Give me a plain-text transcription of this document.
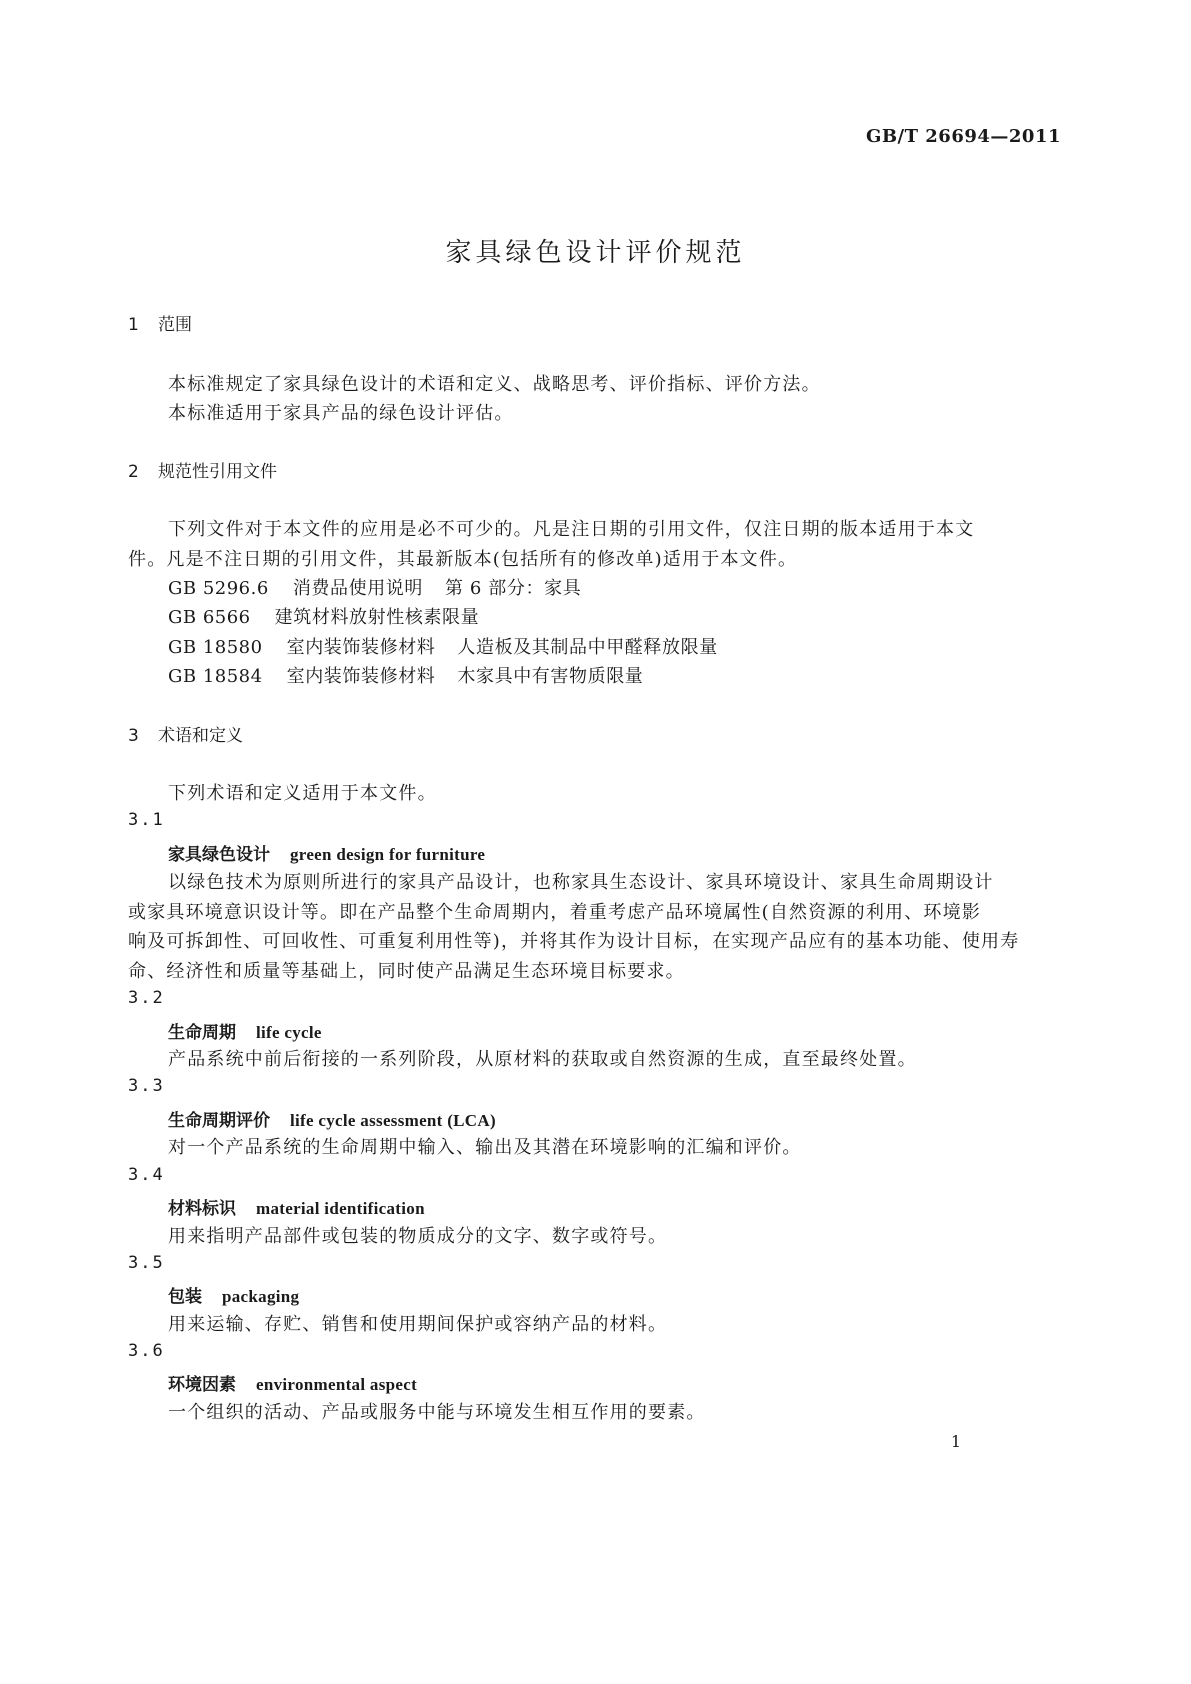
GB/T 26694—2011
家具绿色设计评价规范
1 范围
本标准规定了家具绿色设计的术语和定义、战略思考、评价指标、评价方法。
本标准适用于家具产品的绿色设计评估。
2 规范性引用文件
下列文件对于本文件的应用是必不可少的。凡是注日期的引用文件，仅注日期的版本适用于本文
件。凡是不注日期的引用文件，其最新版本(包括所有的修改单)适用于本文件。
GB 5296.6 消费品使用说明 第 6 部分：家具
GB 6566 建筑材料放射性核素限量
GB 18580 室内装饰装修材料 人造板及其制品中甲醛释放限量
GB 18584 室内装饰装修材料 木家具中有害物质限量
3 术语和定义
下列术语和定义适用于本文件。
3.1
家具绿色设计 green design for furniture
以绿色技术为原则所进行的家具产品设计，也称家具生态设计、家具环境设计、家具生命周期设计
或家具环境意识设计等。即在产品整个生命周期内，着重考虑产品环境属性(自然资源的利用、环境影
响及可拆卸性、可回收性、可重复利用性等)，并将其作为设计目标，在实现产品应有的基本功能、使用寿
命、经济性和质量等基础上，同时使产品满足生态环境目标要求。
3.2
生命周期 life cycle
产品系统中前后衔接的一系列阶段，从原材料的获取或自然资源的生成，直至最终处置。
3.3
生命周期评价 life cycle assessment (LCA)
对一个产品系统的生命周期中输入、输出及其潜在环境影响的汇编和评价。
3.4
材料标识 material identification
用来指明产品部件或包装的物质成分的文字、数字或符号。
3.5
包装 packaging
用来运输、存贮、销售和使用期间保护或容纳产品的材料。
3.6
环境因素 environmental aspect
一个组织的活动、产品或服务中能与环境发生相互作用的要素。
1
